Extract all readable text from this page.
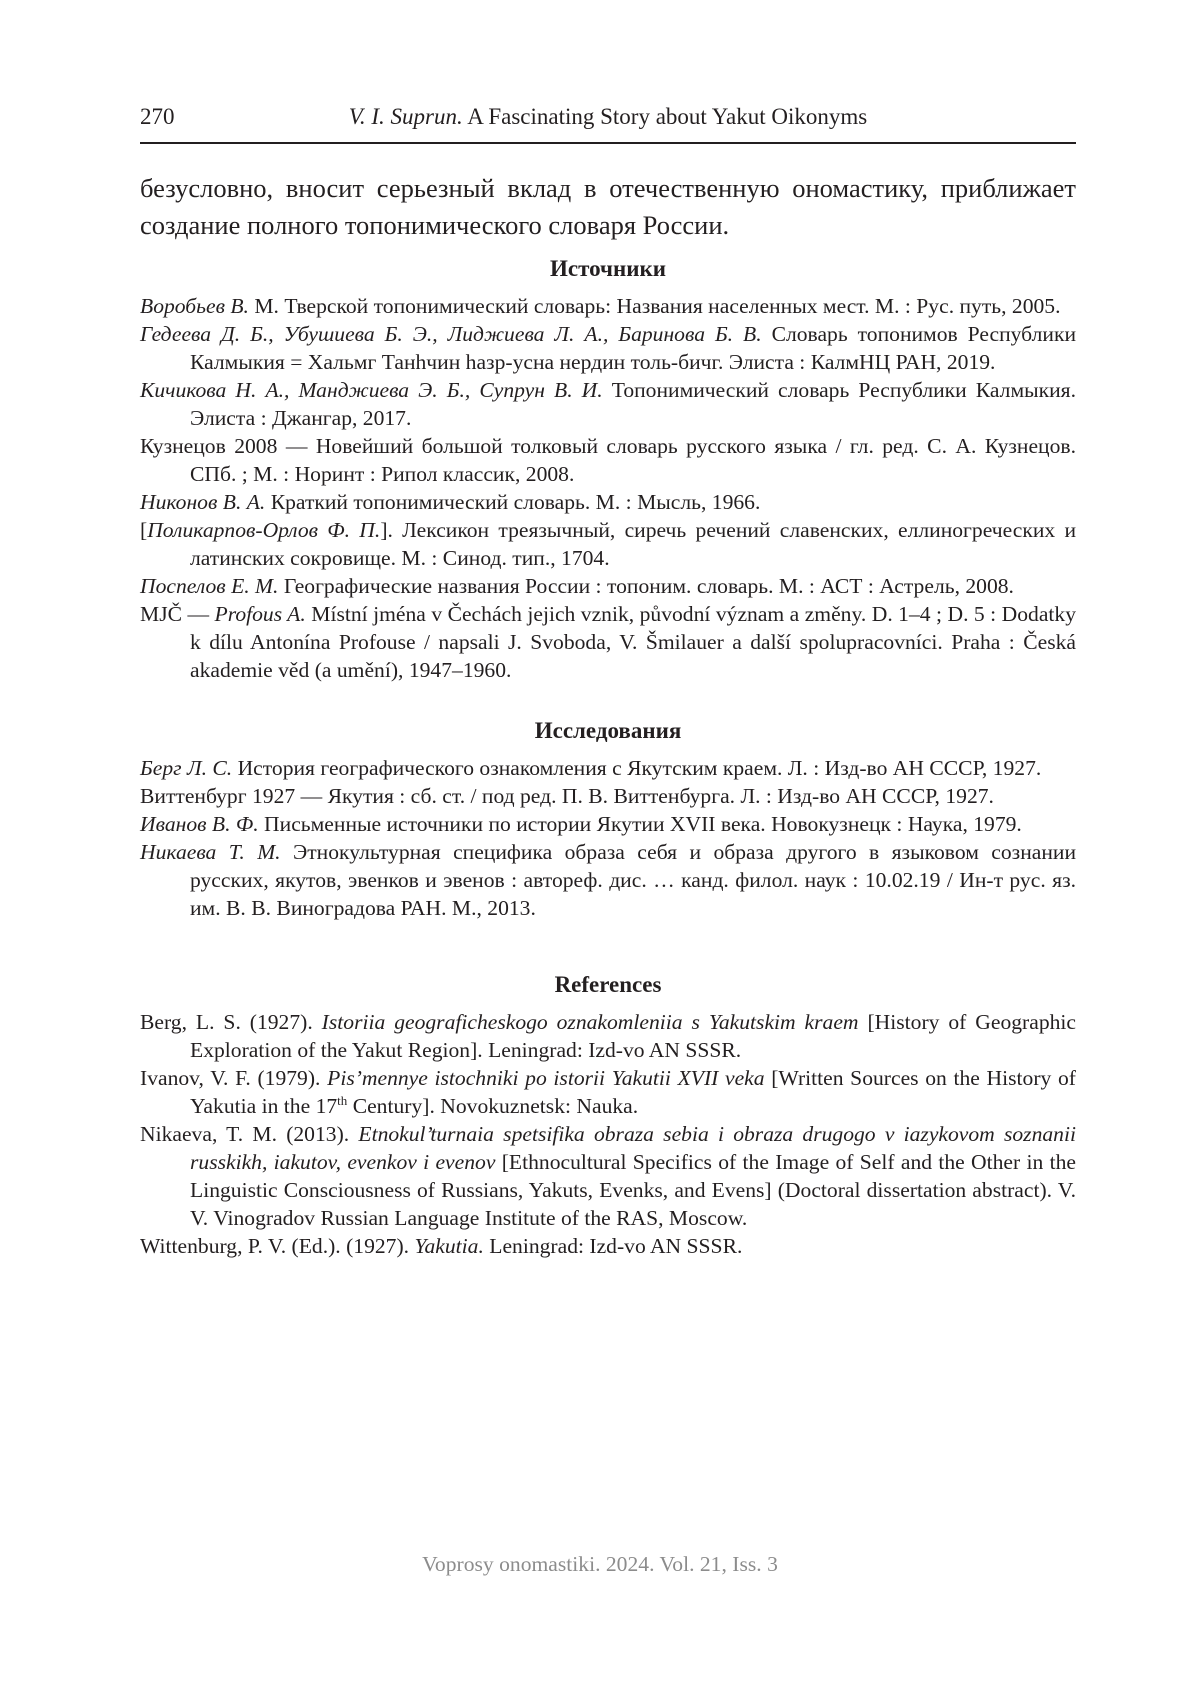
270	V. I. Suprun. A Fascinating Story about Yakut Oikonyms

безусловно, вносит серьезный вклад в отечественную ономастику, приближает создание полного топонимического словаря России.

Источники
Воробьев В. М. Тверской топонимический словарь: Названия населенных мест. М. : Рус. путь, 2005.
Гедеева Д. Б., Убушиева Б. Э., Лиджиева Л. А., Баринова Б. В. Словарь топонимов Республики Калмыкия = Хальмг Танһчин һазр-усна нердин толь-бичг. Элиста : КалмНЦ РАН, 2019.
Кичикова Н. А., Манджиева Э. Б., Супрун В. И. Топонимический словарь Республики Калмыкия. Элиста : Джангар, 2017.
Кузнецов 2008 — Новейший большой толковый словарь русского языка / гл. ред. С. А. Кузнецов. СПб. ; М. : Норинт : Рипол классик, 2008.
Никонов В. А. Краткий топонимический словарь. М. : Мысль, 1966.
[Поликарпов-Орлов Ф. П.]. Лексикон треязычный, сиречь речений славенских, еллиногреческих и латинских сокровище. М. : Синод. тип., 1704.
Поспелов Е. М. Географические названия России : топоним. словарь. М. : АСТ : Астрель, 2008.
MJČ — Profous A. Místní jména v Čechách jejich vznik, původní význam a změny. D. 1–4 ; D. 5 : Dodatky k dílu Antonína Profouse / napsali J. Svoboda, V. Šmilauer a další spolupracovníci. Praha : Česká akademie věd (a umění), 1947–1960.
Исследования
Берг Л. С. История географического ознакомления с Якутским краем. Л. : Изд-во АН СССР, 1927.
Виттенбург 1927 — Якутия : сб. ст. / под ред. П. В. Виттенбурга. Л. : Изд-во АН СССР, 1927.
Иванов В. Ф. Письменные источники по истории Якутии XVII века. Новокузнецк : Наука, 1979.
Никаева Т. М. Этнокультурная специфика образа себя и образа другого в языковом сознании русских, якутов, эвенков и эвенов : автореф. дис. … канд. филол. наук : 10.02.19 / Ин-т рус. яз. им. В. В. Виноградова РАН. М., 2013.
References
Berg, L. S. (1927). Istoriia geograficheskogo oznakomleniia s Yakutskim kraem [History of Geographic Exploration of the Yakut Region]. Leningrad: Izd-vo AN SSSR.
Ivanov, V. F. (1979). Pis’mennye istochniki po istorii Yakutii XVII veka [Written Sources on the History of Yakutia in the 17th Century]. Novokuznetsk: Nauka.
Nikaeva, T. M. (2013). Etnokul’turnaia spetsifika obraza sebia i obraza drugogo v iazykovom soznanii russkikh, iakutov, evenkov i evenov [Ethnocultural Specifics of the Image of Self and the Other in the Linguistic Consciousness of Russians, Yakuts, Evenks, and Evens] (Doctoral dissertation abstract). V. V. Vinogradov Russian Language Institute of the RAS, Moscow.
Wittenburg, P. V. (Ed.). (1927). Yakutia. Leningrad: Izd-vo AN SSSR.
Voprosy onomastiki. 2024. Vol. 21, Iss. 3
